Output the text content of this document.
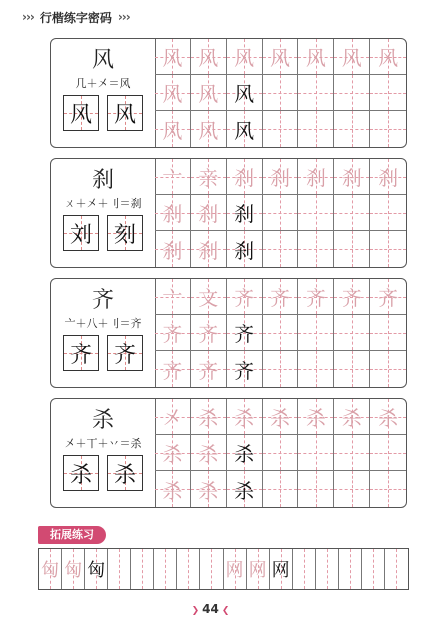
››› 行楷练字密码 ›››
风
几＋㐅＝风
风 风
风 风 风 风 风 风 风
风 风 风
风 风 风
刹
ㄨ＋㐅＋刂＝刹
刘 刻
亠 亲 刹 刹 刹 刹 刹
刹 刹 刹
刹 刹 刹
齐
亠＋八＋刂＝齐
齐 齐
亠 文 齐 齐 齐 齐 齐
齐 齐 齐
齐 齐 齐
杀
㐅＋丅＋丷＝杀
杀 杀
㐅 杀 杀 杀 杀 杀 杀
杀 杀 杀
杀 杀 杀
拓展练习
匈 匈 匈	网 网 网
❯ 44 ❮
